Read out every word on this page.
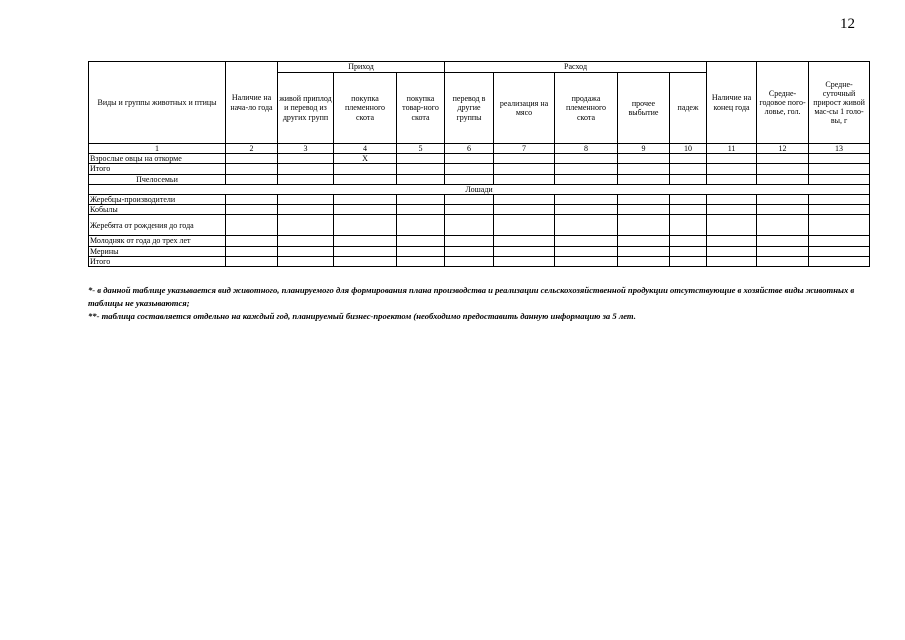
12
Виды и группы животных и птицы	Наличие на нача-ло года	Приход			Расход					Наличие на конец года	Средне-годовое пого-ловье, гол.	Средне-суточный прирост живой мас-сы 1 голо-вы, г
		живой приплод и перевод из других групп	покупка племенного скота	покупка товар-ного скота	перевод в другие группы	реализация на мясо	продажа племенного скота	прочее выбытие	падеж			
1	2	3	4	5	6	7	8	9	10	11	12	13
Взрослые овцы на откорме			Х									
Итого												
Пчелосемьи												
Лошади												
Жеребцы-производители												
Кобылы												
Жеребята от рождения до года												
Молодняк от года до трех лет												
Мерины												
Итого												

*- в данной таблице указывается вид животного, планируемого для формирования плана производства и реализации сельскохозяйственной продукции отсутствующие в хозяйстве виды животных в таблицы не указываются;

**- таблица составляется отдельно на каждый год, планируемый бизнес-проектом (необходимо предоставить данную информацию за 5 лет.
